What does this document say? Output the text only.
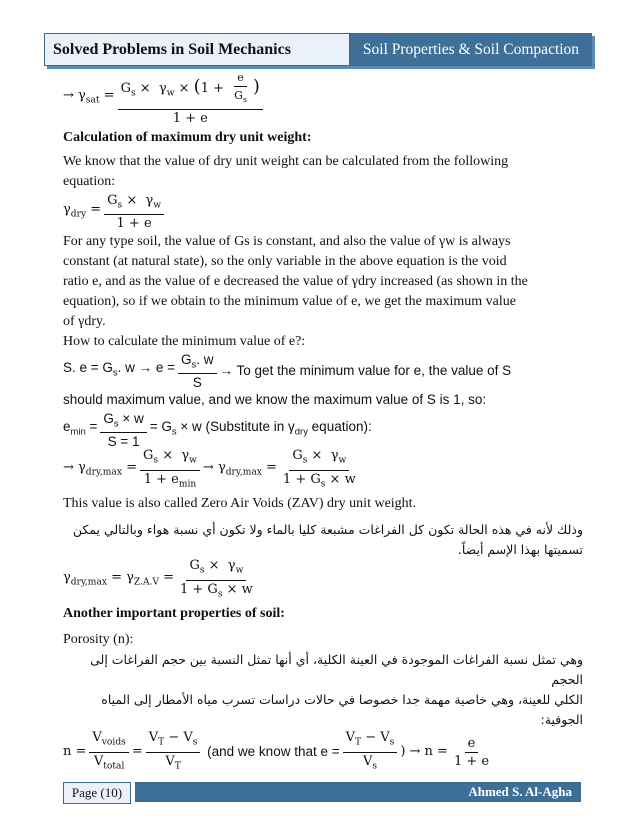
Solved Problems in Soil Mechanics	Soil Properties & Soil Compaction
→ $\gamma_{sat} = \frac{G_s \times \gamma_w \times (1 + \frac{e}{G_s} )}{1 + e}$

Calculation of maximum dry unit weight:

We know that the value of dry unit weight can be calculated from the following

equation:

$\gamma_{dry} = \frac{G_s \times \gamma_w}{1 + e}$

For any type soil, the value of Gs is constant, and also the value of γw is always

constant (at natural state), so the only variable in the above equation is the void

ratio e, and as the value of e decreased the value of γdry increased (as shown in the

equation), so if we obtain to the minimum value of e, we get the maximum value

of γdry.

How to calculate the minimum value of e?:

S. $e = G_s$. $w \to e = \frac{G_s. w}{S} \to To$ get the minimum value for e, the value of S

should maximum value, and we know the maximum value of S is 1, so:

$e_{min} = \frac{G_s \times w}{S = 1} = G_s \times w$ (Substitute in $\gamma_{dry}$ equation):
→ $\gamma_{dry,max} = \frac{G_s \times \gamma_w}{1 + e_{min}} \to \gamma_{dry,max} = \frac{G_s \times \gamma_w}{1 + G_s \times w}$

This value is also called Zero Air Voids (ZAV) dry unit weight.

وذلك لأنه في هذه الحالة تكون كل الفراغات مشبعة كليا بالماء ولا تكون أي نسبة هواء وبالتالي يمكن

تسميتها بهذا الإسم أيضاً.

$\gamma_{dry,max} = \gamma_{Z.A.V} = \frac{G_s \times \gamma_w}{1 + G_s \times w}$

Another important properties of soil:

Porosity (n):

وهي تمثل نسبة الفراغات الموجودة في العينة الكلية، أي أنها تمثل النسبة بين حجم الفراغات إلى الحجم

الكلي للعينة، وهي خاصية مهمة جدا خصوصا في حالات دراسات تسرب مياه الأمطار إلى المياه الجوفية:

$n = \frac{V_{voids}}{V_{total}} = \frac{V_T - V_s}{V_T} (and$ we know that $e = \frac{V_T - V_s}{V_s}$ ) → $n = \frac{e}{1 + e}$
Page (10)	Ahmed S. Al-Agha
